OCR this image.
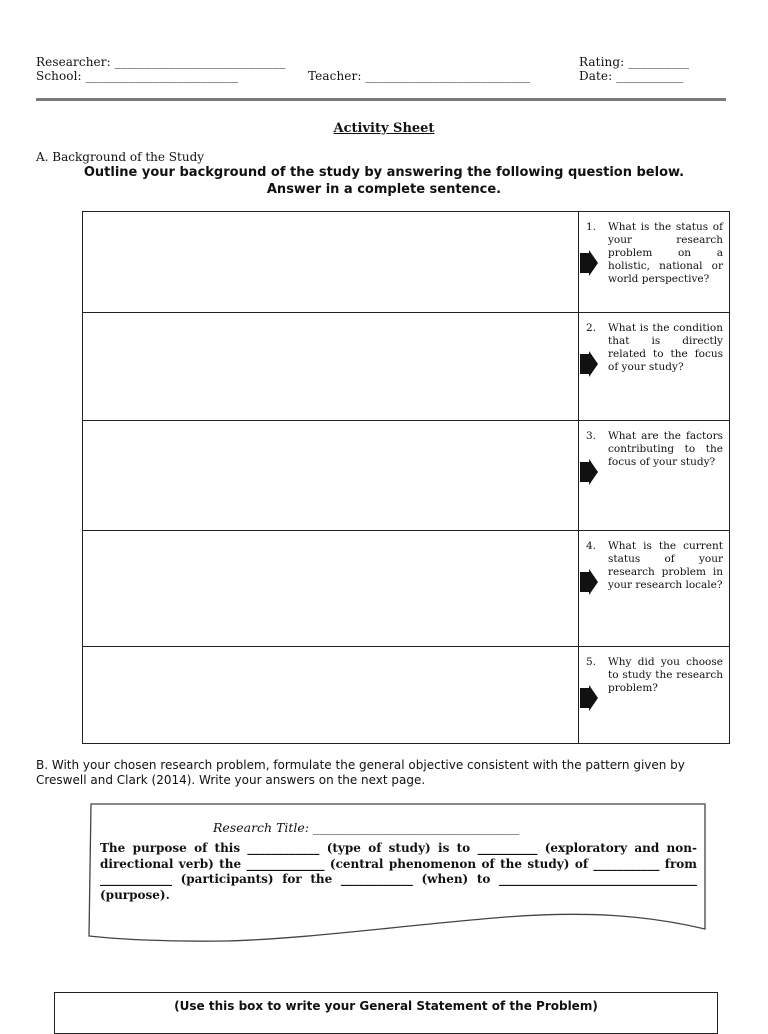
Researcher: ____________________________	Rating: __________
School: _________________________	Teacher: ___________________________	Date: ___________
Activity Sheet
A. Background of the Study
Outline your background of the study by answering the following question below.
Answer in a complete sentence.

	1. What is the status of your research problem on a holistic, national or world perspective?

	2. What is the condition that is directly related to the focus of your study?

	3. What are the factors contributing to the focus of your study?

	4. What is the current status of your research problem in your research locale?

	5. Why did you choose to study the research problem?
B. With your chosen research problem, formulate the general objective consistent with the pattern given by Creswell and Clark (2014). Write your answers on the next page.
Research Title: _________________________________
The purpose of this ____________ (type of study) is to __________ (exploratory and non-directional verb) the _____________ (central phenomenon of the study) of ___________ from ____________ (participants) for the ____________ (when) to _________________________________ (purpose).
(Use this box to write your General Statement of the Problem)
